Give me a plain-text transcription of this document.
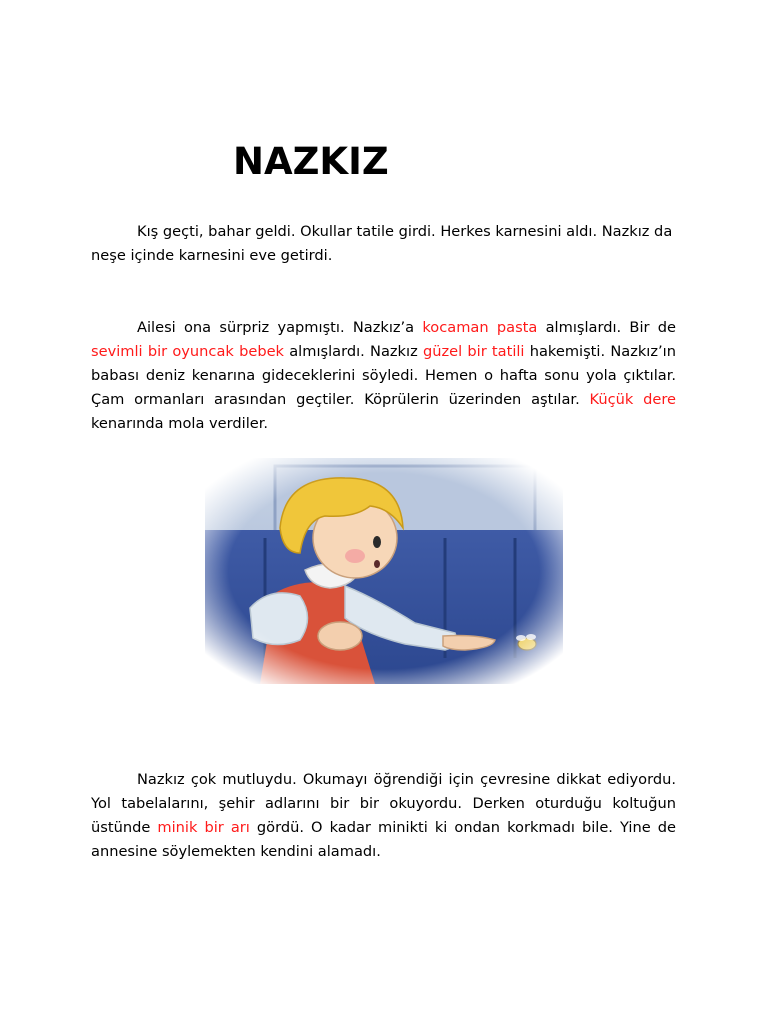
NAZKIZ

Kış geçti, bahar geldi. Okullar tatile girdi. Herkes karnesini aldı. Nazkız da neşe içinde karnesini eve getirdi.

Ailesi ona sürpriz yapmıştı. Nazkız’a kocaman pasta almışlardı. Bir de sevimli bir oyuncak bebek almışlardı. Nazkız güzel bir tatili hakemişti. Nazkız’ın babası deniz kenarına gideceklerini söyledi. Hemen o hafta sonu yola çıktılar. Çam ormanları arasından geçtiler. Köprülerin üzerinden aştılar. Küçük dere kenarında mola verdiler.

Nazkız çok mutluydu. Okumayı öğrendiği için çevresine dikkat ediyordu. Yol tabelalarını, şehir adlarını bir bir okuyordu. Derken oturduğu koltuğun üstünde minik bir arı gördü. O kadar minikti ki ondan korkmadı bile. Yine de annesine söylemekten kendini alamadı.
